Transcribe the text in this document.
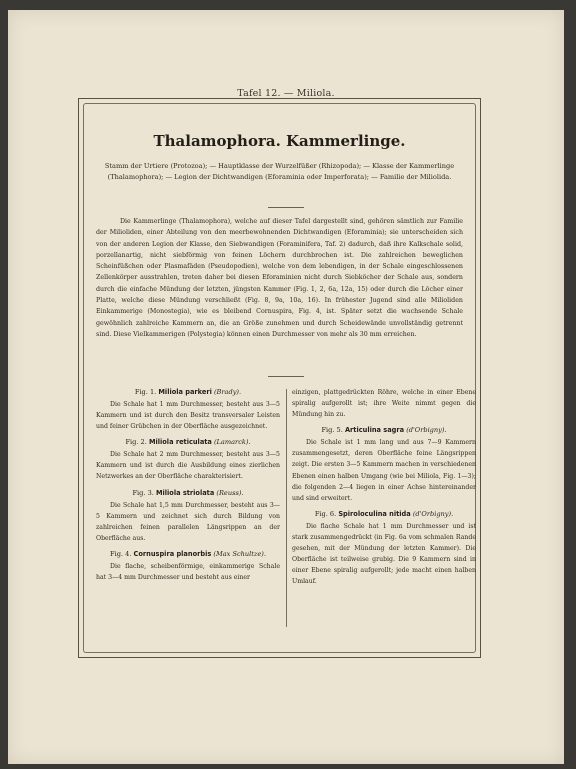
Tafel 12. — Miliola.
Thalamophora. Kammerlinge.
Stamm der Urtiere (Protozoa); — Hauptklasse der Wurzelfüßer (Rhizopoda); — Klasse der Kammerlinge (Thalamophora); — Legion der Dichtwandigen (Eforaminia oder Imperforata); — Familie der Miliolida.
Die Kammerlinge (Thalamophora), welche auf dieser Tafel dargestellt sind, gehören sämtlich zur Familie der Milioliden, einer Abteilung von den meerbewohnenden Dichtwandigen (Eforaminia); sie unterscheiden sich von der anderen Legion der Klasse, den Siebwandigen (Foraminifera, Taf. 2) dadurch, daß ihre Kalkschale solid, porzellanartig, nicht siebförmig von feinen Löchern durchbrochen ist. Die zahlreichen beweglichen Scheinfüßchen oder Plasmafäden (Pseudopodien), welche von dem lebendigen, in der Schale eingeschlossenen Zellenkörper ausstrahlen, treten daher bei diesen Eforaminien nicht durch Siebköcher der Schale aus, sondern durch die einfache Mündung der letzten, jüngsten Kammer (Fig. 1, 2, 6a, 12a, 15) oder durch die Löcher einer Platte, welche diese Mündung verschließt (Fig. 8, 9a, 10a, 16). In frühester Jugend sind alle Milioliden Einkammerige (Monostegia), wie es bleibend Cornuspira, Fig. 4, ist. Später setzt die wachsende Schale gewöhnlich zahlreiche Kammern an, die an Größe zunehmen und durch Scheidewände unvollständig getrennt sind. Diese Vielkammerigen (Polystegia) können einen Durchmesser von mehr als 30 mm erreichen.
Fig. 1. Miliola parkeri (Brady).
Die Schale hat 1 mm Durchmesser, besteht aus 3—5 Kammern und ist durch den Besitz transversaler Leisten und feiner Grübchen in der Oberfläche ausgezeichnet.
Fig. 2. Miliola reticulata (Lamarck).
Die Schale hat 2 mm Durchmesser, besteht aus 3—5 Kammern und ist durch die Ausbildung eines zierlichen Netzwerkes an der Oberfläche charakterisiert.
Fig. 3. Miliola striolata (Reuss).
Die Schale hat 1,5 mm Durchmesser, besteht aus 3—5 Kammern und zeichnet sich durch Bildung von zahlreichen feinen parallelen Längsrippen an der Oberfläche aus.
Fig. 4. Cornuspira planorbis (Max Schultze).
Die flache, scheibenförmige, einkammerige Schale hat 3—4 mm Durchmesser und besteht aus einer
einzigen, plattgedrückten Röhre, welche in einer Ebene spiralig aufgerollt ist; ihre Weite nimmt gegen die Mündung hin zu.
Fig. 5. Articulina sagra (d'Orbigny).
Die Schale ist 1 mm lang und aus 7—9 Kammern zusammengesetzt, deren Oberfläche feine Längsrippen zeigt. Die ersten 3—5 Kammern machen in verschiedenen Ebenen einen halben Umgang (wie bei Miliola, Fig. 1—3); die folgenden 2—4 liegen in einer Achse hintereinander und sind erweitert.
Fig. 6. Spiroloculina nitida (d'Orbigny).
Die flache Schale hat 1 mm Durchmesser und ist stark zusammengedrückt (in Fig. 6a vom schmalen Rande gesehen, mit der Mündung der letzten Kammer). Die Oberfläche ist teilweise grubig. Die 9 Kammern sind in einer Ebene spiralig aufgerollt; jede macht einen halben Umlauf.
